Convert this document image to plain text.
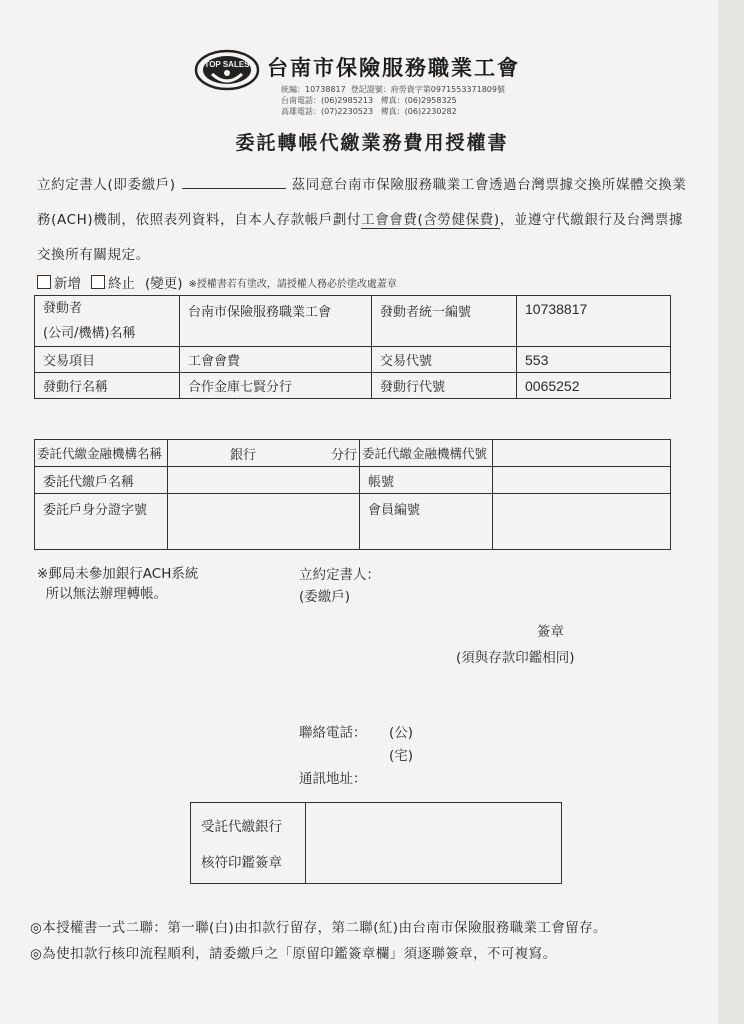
TOP SALES 台南市保險服務職業工會
統編：10738817  登記證號：府勞資字第0971553371809號
台南電話：(06)2985213   傳真：(06)2958325
高雄電話：(07)2230523   傳真：(06)2230282
委託轉帳代繳業務費用授權書
立約定書人(即委繳戶)	茲同意台南市保險服務職業工會透過台灣票據交換所媒體交換業務(ACH)機制，依照表列資料，自本人存款帳戶劃付工會會費(含勞健保費)，並遵守代繳銀行及台灣票據交換所有關規定。
新增 終止 (變更) ※授權書若有塗改，請授權人務必於塗改處蓋章
發動者
(公司/機構)名稱	台南市保險服務職業工會	發動者統一編號	10738817
交易項目	工會會費	交易代號	553
發動行名稱	合作金庫七賢分行	發動行代號	0065252
委託代繳金融機構名稱	銀行 分行	委託代繳金融機構代號	
委託代繳戶名稱		帳號	
委託戶身分證字號		會員編號	
※郵局未參加銀行ACH系統
所以無法辦理轉帳。
立約定書人：
(委繳戶)
簽章
(須與存款印鑑相同)
聯絡電話：	(公)
(宅)
通訊地址：
受託代繳銀行
核符印鑑簽章

◎本授權書一式二聯：第一聯(白)由扣款行留存，第二聯(紅)由台南市保險服務職業工會留存。

◎為使扣款行核印流程順利，請委繳戶之「原留印鑑簽章欄」須逐聯簽章，不可複寫。
